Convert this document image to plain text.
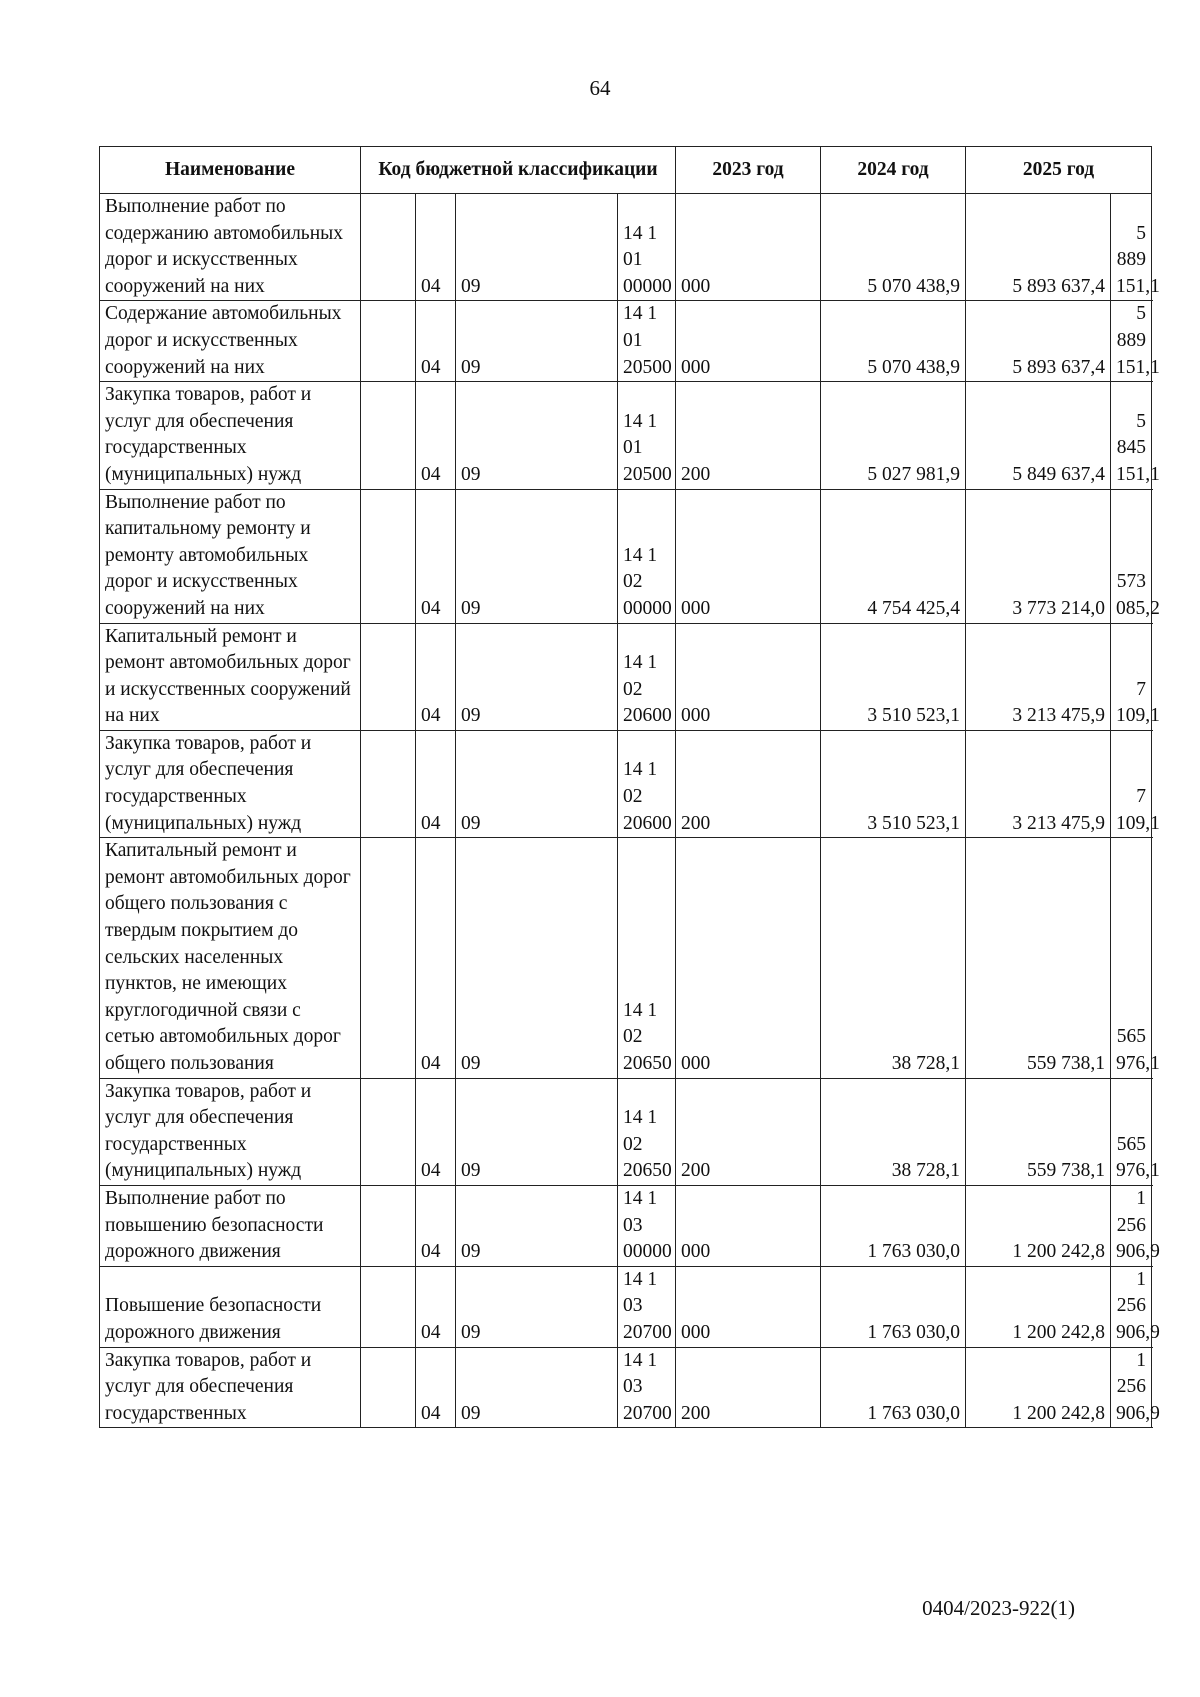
64
Наименование	Код бюджетной классификации				2023 год	2024 год	2025 год	
Выполнение работ по содержанию автомобильных дорог и искусственных сооружений на них		04	09	14 1 01 00000	000	5 070 438,9	5 893 637,4	5 889 151,1
Содержание автомобильных дорог и искусственных сооружений на них		04	09	14 1 01 20500	000	5 070 438,9	5 893 637,4	5 889 151,1
Закупка товаров, работ и услуг для обеспечения государственных (муниципальных) нужд		04	09	14 1 01 20500	200	5 027 981,9	5 849 637,4	5 845 151,1
Выполнение работ по капитальному ремонту и ремонту автомобильных дорог и искусственных сооружений на них		04	09	14 1 02 00000	000	4 754 425,4	3 773 214,0	573 085,2
Капитальный ремонт и ремонт автомобильных дорог и искусственных сооружений на них		04	09	14 1 02 20600	000	3 510 523,1	3 213 475,9	7 109,1
Закупка товаров, работ и услуг для обеспечения государственных (муниципальных) нужд		04	09	14 1 02 20600	200	3 510 523,1	3 213 475,9	7 109,1
Капитальный ремонт и ремонт автомобильных дорог общего пользования с твердым покрытием до сельских населенных пунктов, не имеющих круглогодичной связи с сетью автомобильных дорог общего пользования		04	09	14 1 02 20650	000	38 728,1	559 738,1	565 976,1
Закупка товаров, работ и услуг для обеспечения государственных (муниципальных) нужд		04	09	14 1 02 20650	200	38 728,1	559 738,1	565 976,1
Выполнение работ по повышению безопасности дорожного движения		04	09	14 1 03 00000	000	1 763 030,0	1 200 242,8	1 256 906,9
Повышение безопасности дорожного движения		04	09	14 1 03 20700	000	1 763 030,0	1 200 242,8	1 256 906,9
Закупка товаров, работ и услуг для обеспечения государственных		04	09	14 1 03 20700	200	1 763 030,0	1 200 242,8	1 256 906,9
0404/2023-922(1)
